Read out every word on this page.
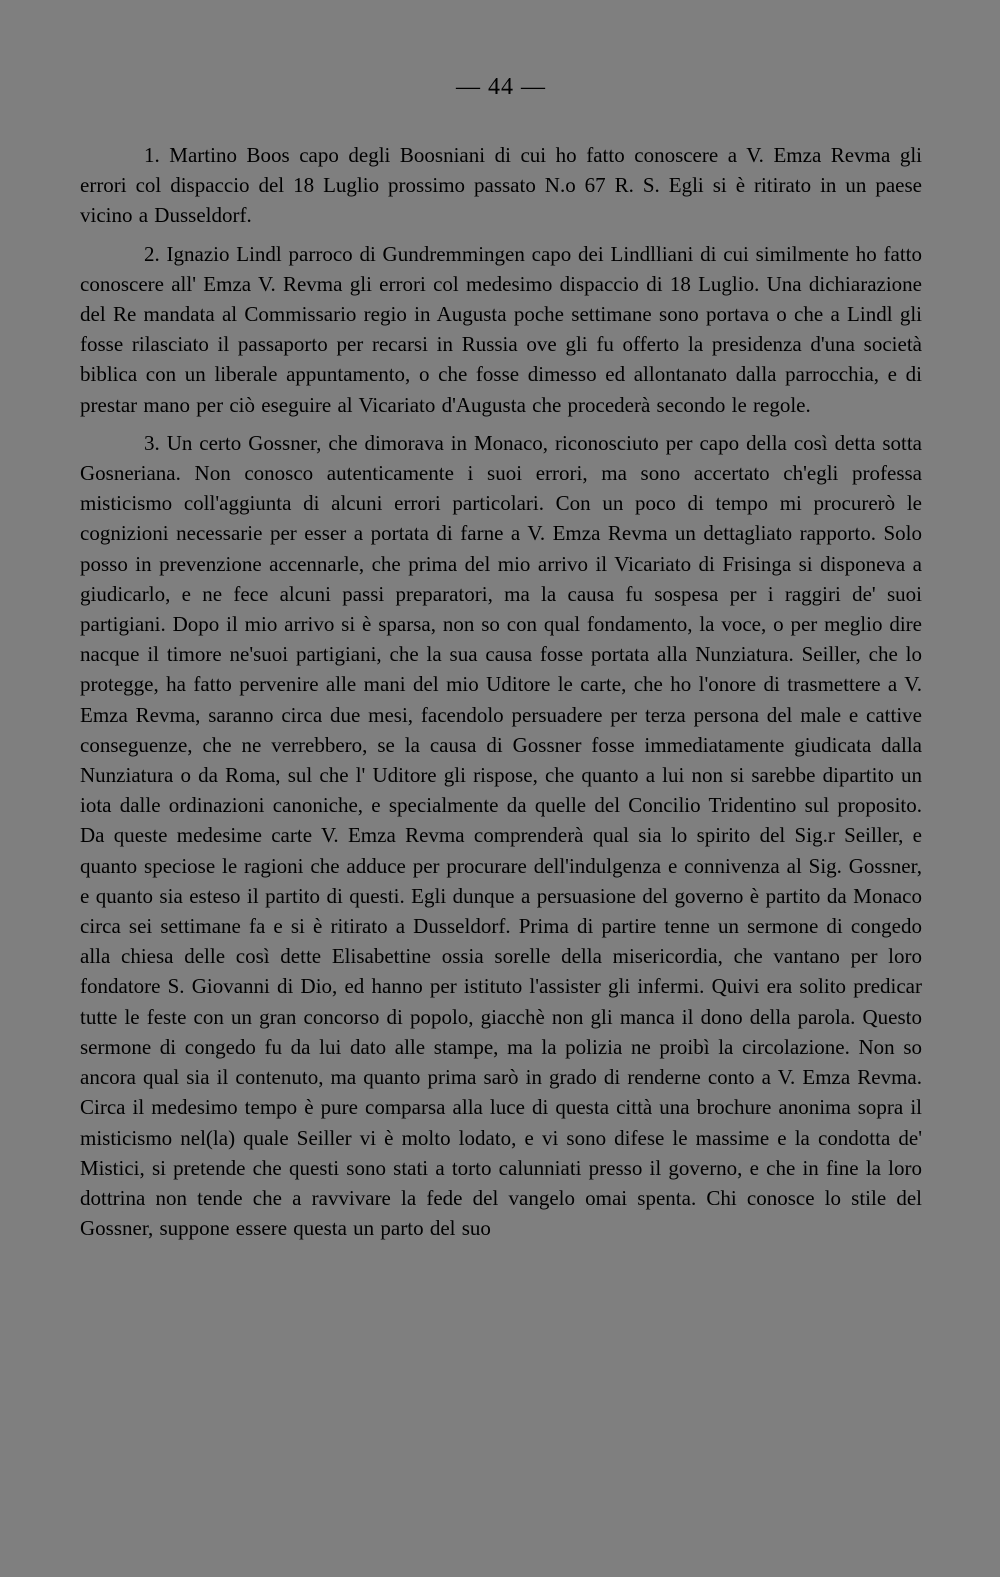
— 44 —

1. Martino Boos capo degli Boosniani di cui ho fatto conoscere a V. Emza Revma gli errori col dispaccio del 18 Luglio prossimo passato N.o 67 R. S. Egli si è ritirato in un paese vicino a Dusseldorf.

2. Ignazio Lindl parroco di Gundremmingen capo dei Lindlliani di cui similmente ho fatto conoscere all' Emza V. Revma gli errori col medesimo dispaccio di 18 Luglio. Una dichiarazione del Re mandata al Commissario regio in Augusta poche settimane sono portava o che a Lindl gli fosse rilasciato il passaporto per recarsi in Russia ove gli fu offerto la presidenza d'una società biblica con un liberale appuntamento, o che fosse dimesso ed allontanato dalla parrocchia, e di prestar mano per ciò eseguire al Vicariato d'Augusta che procederà secondo le regole.

3. Un certo Gossner, che dimorava in Monaco, riconosciuto per capo della così detta sotta Gosneriana. Non conosco autenticamente i suoi errori, ma sono accertato ch'egli professa misticismo coll'aggiunta di alcuni errori particolari. Con un poco di tempo mi procurerò le cognizioni necessarie per esser a portata di farne a V. Emza Revma un dettagliato rapporto. Solo posso in prevenzione accennarle, che prima del mio arrivo il Vicariato di Frisinga si disponeva a giudicarlo, e ne fece alcuni passi preparatori, ma la causa fu sospesa per i raggiri de' suoi partigiani. Dopo il mio arrivo si è sparsa, non so con qual fondamento, la voce, o per meglio dire nacque il timore ne'suoi partigiani, che la sua causa fosse portata alla Nunziatura. Seiller, che lo protegge, ha fatto pervenire alle mani del mio Uditore le carte, che ho l'onore di trasmettere a V. Emza Revma, saranno circa due mesi, facendolo persuadere per terza persona del male e cattive conseguenze, che ne verrebbero, se la causa di Gossner fosse immediatamente giudicata dalla Nunziatura o da Roma, sul che l' Uditore gli rispose, che quanto a lui non si sarebbe dipartito un iota dalle ordinazioni canoniche, e specialmente da quelle del Concilio Tridentino sul proposito. Da queste medesime carte V. Emza Revma comprenderà qual sia lo spirito del Sig.r Seiller, e quanto speciose le ragioni che adduce per procurare dell'indulgenza e connivenza al Sig. Gossner, e quanto sia esteso il partito di questi. Egli dunque a persuasione del governo è partito da Monaco circa sei settimane fa e si è ritirato a Dusseldorf. Prima di partire tenne un sermone di congedo alla chiesa delle così dette Elisabettine ossia sorelle della misericordia, che vantano per loro fondatore S. Giovanni di Dio, ed hanno per istituto l'assister gli infermi. Quivi era solito predicar tutte le feste con un gran concorso di popolo, giacchè non gli manca il dono della parola. Questo sermone di congedo fu da lui dato alle stampe, ma la polizia ne proibì la circolazione. Non so ancora qual sia il contenuto, ma quanto prima sarò in grado di renderne conto a V. Emza Revma. Circa il medesimo tempo è pure comparsa alla luce di questa città una brochure anonima sopra il misticismo nel(la) quale Seiller vi è molto lodato, e vi sono difese le massime e la condotta de' Mistici, si pretende che questi sono stati a torto calunniati presso il governo, e che in fine la loro dottrina non tende che a ravvivare la fede del vangelo omai spenta. Chi conosce lo stile del Gossner, suppone essere questa un parto del suo
